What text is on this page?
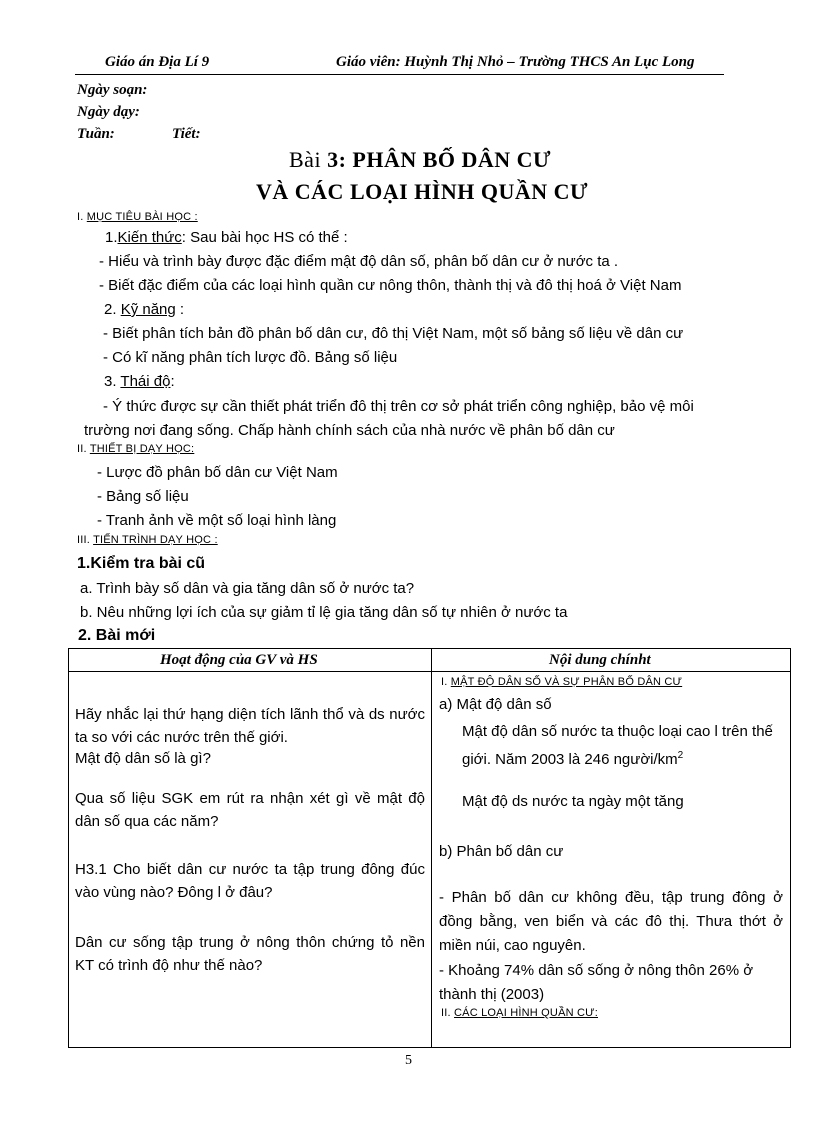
Giáo án Địa Lí 9	Giáo viên: Huỳnh Thị Nhỏ – Trường THCS An Lục Long
Ngày soạn:
Ngày dạy:
Tuần:	Tiết:
Bài 3: PHÂN BỐ DÂN CƯ
VÀ CÁC LOẠI HÌNH QUẦN CƯ
I. MỤC TIÊU BÀI HỌC :
1.Kiến thức: Sau bài học HS có thể :
- Hiểu và trình bày được đặc điểm mật độ dân số, phân bố dân cư ở nước ta .
- Biết đặc điểm của các loại hình quần cư nông thôn, thành thị và đô thị hoá ở Việt Nam
2. Kỹ năng :
- Biết phân tích bản đồ phân bố dân cư, đô thị Việt Nam, một số bảng số liệu về dân cư
- Có kĩ năng phân tích lược đồ. Bảng số liệu
3. Thái độ:
- Ý thức được sự cần thiết phát triển đô thị trên cơ sở phát triển công nghiệp, bảo vệ môi
trường nơi đang sống. Chấp hành chính sách của nhà nước về phân bố dân cư
II. THIẾT BỊ DẠY HỌC:
- Lược đồ phân bố dân cư Việt Nam
- Bảng số liệu
- Tranh ảnh về một số loại hình làng
III. TIẾN TRÌNH DẠY HỌC :
1.Kiểm tra bài cũ
a. Trình bày số dân và gia tăng dân số ở nước ta?
b. Nêu những lợi ích của sự giảm tỉ lệ gia tăng dân số tự nhiên ở nước ta
2. Bài mới
Hoạt động của GV và HS	Nội dung chínht
Hãy nhắc lại thứ hạng diện tích lãnh thổ và ds nước ta so với các nước trên thế giới.
Mật độ dân số là gì?
Qua số liệu SGK em rút ra nhận xét gì về mật độ dân số qua các năm?
H3.1 Cho biết dân cư nước ta tập trung đông đúc vào vùng nào? Đông l ở đâu?
Dân cư sống tập trung ở nông thôn chứng tỏ nền KT có trình độ như thế nào?
I. MẬT ĐỘ DÂN SỐ VÀ SỰ PHÂN BỐ DÂN CƯ
a) Mật độ dân số
Mật độ dân số nước ta thuộc loại cao l trên thế giới. Năm 2003 là 246 người/$km^2$
Mật độ ds nước ta ngày một tăng
b) Phân bố dân cư
- Phân bố dân cư không đều, tập trung đông ở đồng bằng, ven biển và các đô thị. Thưa thớt ở miền núi, cao nguyên.
- Khoảng 74% dân số sống ở nông thôn 26% ở thành thị (2003)
II. CÁC LOẠI HÌNH QUẦN CƯ:
5
